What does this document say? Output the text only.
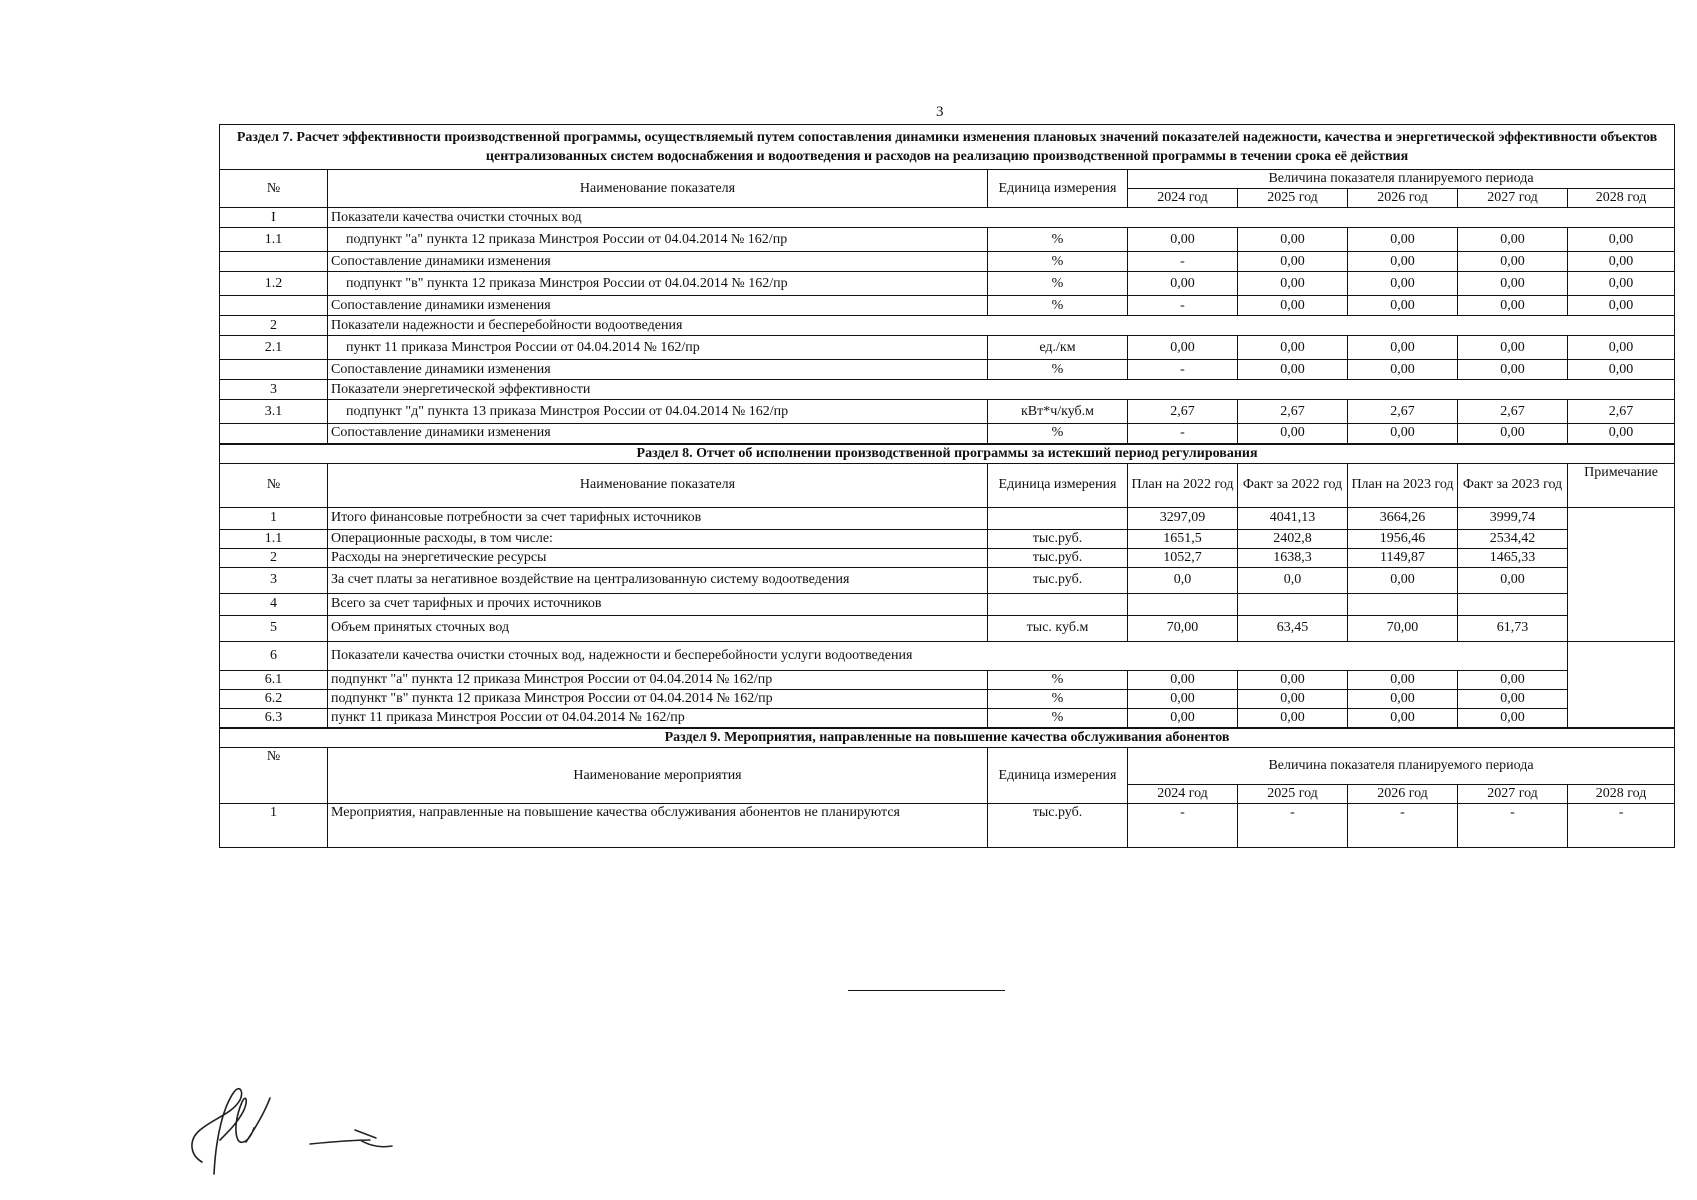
3
Раздел 7. Расчет эффективности производственной программы, осуществляемый путем сопоставления динамики изменения плановых значений показателей надежности, качества и энергетической эффективности объектов централизованных систем водоснабжения и водоотведения и расходов на реализацию производственной программы в течении срока её действия							
№	Наименование показателя	Единица измерения	Величина показателя планируемого периода				
			2024 год	2025 год	2026 год	2027 год	2028 год
I	Показатели качества очистки сточных вод						
1.1	подпункт "а" пункта 12 приказа Минстроя России от 04.04.2014 № 162/пр	%	0,00	0,00	0,00	0,00	0,00
	Сопоставление динамики изменения	%	-	0,00	0,00	0,00	0,00
1.2	подпункт "в" пункта 12 приказа Минстроя России от 04.04.2014 № 162/пр	%	0,00	0,00	0,00	0,00	0,00
	Сопоставление динамики изменения	%	-	0,00	0,00	0,00	0,00
2	Показатели надежности и бесперебойности водоотведения						
2.1	пункт 11 приказа Минстроя России от 04.04.2014 № 162/пр	ед./км	0,00	0,00	0,00	0,00	0,00
	Сопоставление динамики изменения	%	-	0,00	0,00	0,00	0,00
3	Показатели энергетической эффективности						
3.1	подпункт "д" пункта 13 приказа Минстроя России от 04.04.2014 № 162/пр	кВт*ч/куб.м	2,67	2,67	2,67	2,67	2,67
	Сопоставление динамики изменения	%	-	0,00	0,00	0,00	0,00
Раздел 8. Отчет об исполнении производственной программы за истекший период регулирования							
№	Наименование показателя	Единица измерения	План на 2022 год	Факт за 2022 год	План на 2023 год	Факт за 2023 год	Примечание
1	Итого финансовые потребности за счет тарифных источников		3297,09	4041,13	3664,26	3999,74	
1.1	Операционные расходы, в том числе:	тыс.руб.	1651,5	2402,8	1956,46	2534,42	
2	Расходы на энергетические ресурсы	тыс.руб.	1052,7	1638,3	1149,87	1465,33	
3	За счет платы за негативное воздействие на централизованную систему водоотведения	тыс.руб.	0,0	0,0	0,00	0,00	
4	Всего за счет тарифных и прочих источников						
5	Объем принятых сточных вод	тыс. куб.м	70,00	63,45	70,00	61,73	
6	Показатели качества очистки сточных вод, надежности и бесперебойности услуги водоотведения						
6.1	подпункт "а" пункта 12 приказа Минстроя России от 04.04.2014 № 162/пр	%	0,00	0,00	0,00	0,00	
6.2	подпункт "в" пункта 12 приказа Минстроя России от 04.04.2014 № 162/пр	%	0,00	0,00	0,00	0,00	
6.3	пункт 11 приказа Минстроя России от 04.04.2014 № 162/пр	%	0,00	0,00	0,00	0,00	
Раздел 9. Мероприятия, направленные на повышение качества обслуживания абонентов							
№	Наименование мероприятия	Единица измерения	Величина показателя планируемого периода				
			2024 год	2025 год	2026 год	2027 год	2028 год
1	Мероприятия, направленные на повышение качества обслуживания абонентов не планируются	тыс.руб.	-	-	-	-	-
